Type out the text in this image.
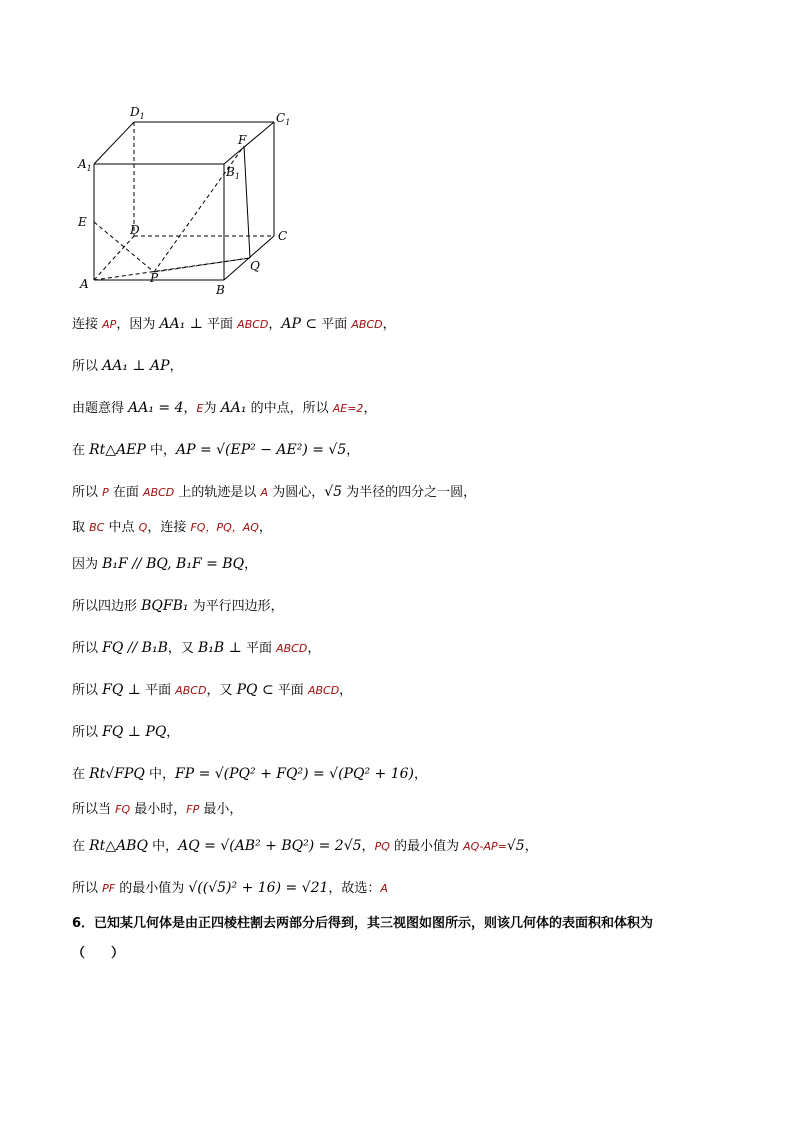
$D_1$	$C_1$
F
$A_1$	$B_1$
E
D	C
Q
P
A	B
连接 AP，因为 AA₁ ⊥ 平面 ABCD，AP ⊂ 平面 ABCD，
所以 AA₁ ⊥ AP，
由题意得 AA₁ = 4，E为 AA₁ 的中点，所以 AE=2，
在 Rt△AEP 中，AP = √(EP² − AE²) = √5，
所以 P 在面 ABCD 上的轨迹是以 A 为圆心，√5 为半径的四分之一圆，
取 BC 中点 Q，连接 FQ，PQ，AQ，
因为 B₁F // BQ, B₁F = BQ，
所以四边形 BQFB₁ 为平行四边形，
所以 FQ // B₁B，又 B₁B ⊥ 平面 ABCD，
所以 FQ ⊥ 平面 ABCD，又 PQ ⊂ 平面 ABCD，
所以 FQ ⊥ PQ，
在 Rt√FPQ 中，FP = √(PQ² + FQ²) = √(PQ² + 16)，
所以当 FQ 最小时，FP 最小，
在 Rt△ABQ 中，AQ = √(AB² + BQ²) = 2√5，PQ 的最小值为 AQ-AP=√5，
所以 PF 的最小值为 √((√5)² + 16) = √21，故选：A
6．已知某几何体是由正四棱柱割去两部分后得到，其三视图如图所示，则该几何体的表面积和体积为
（　　）
